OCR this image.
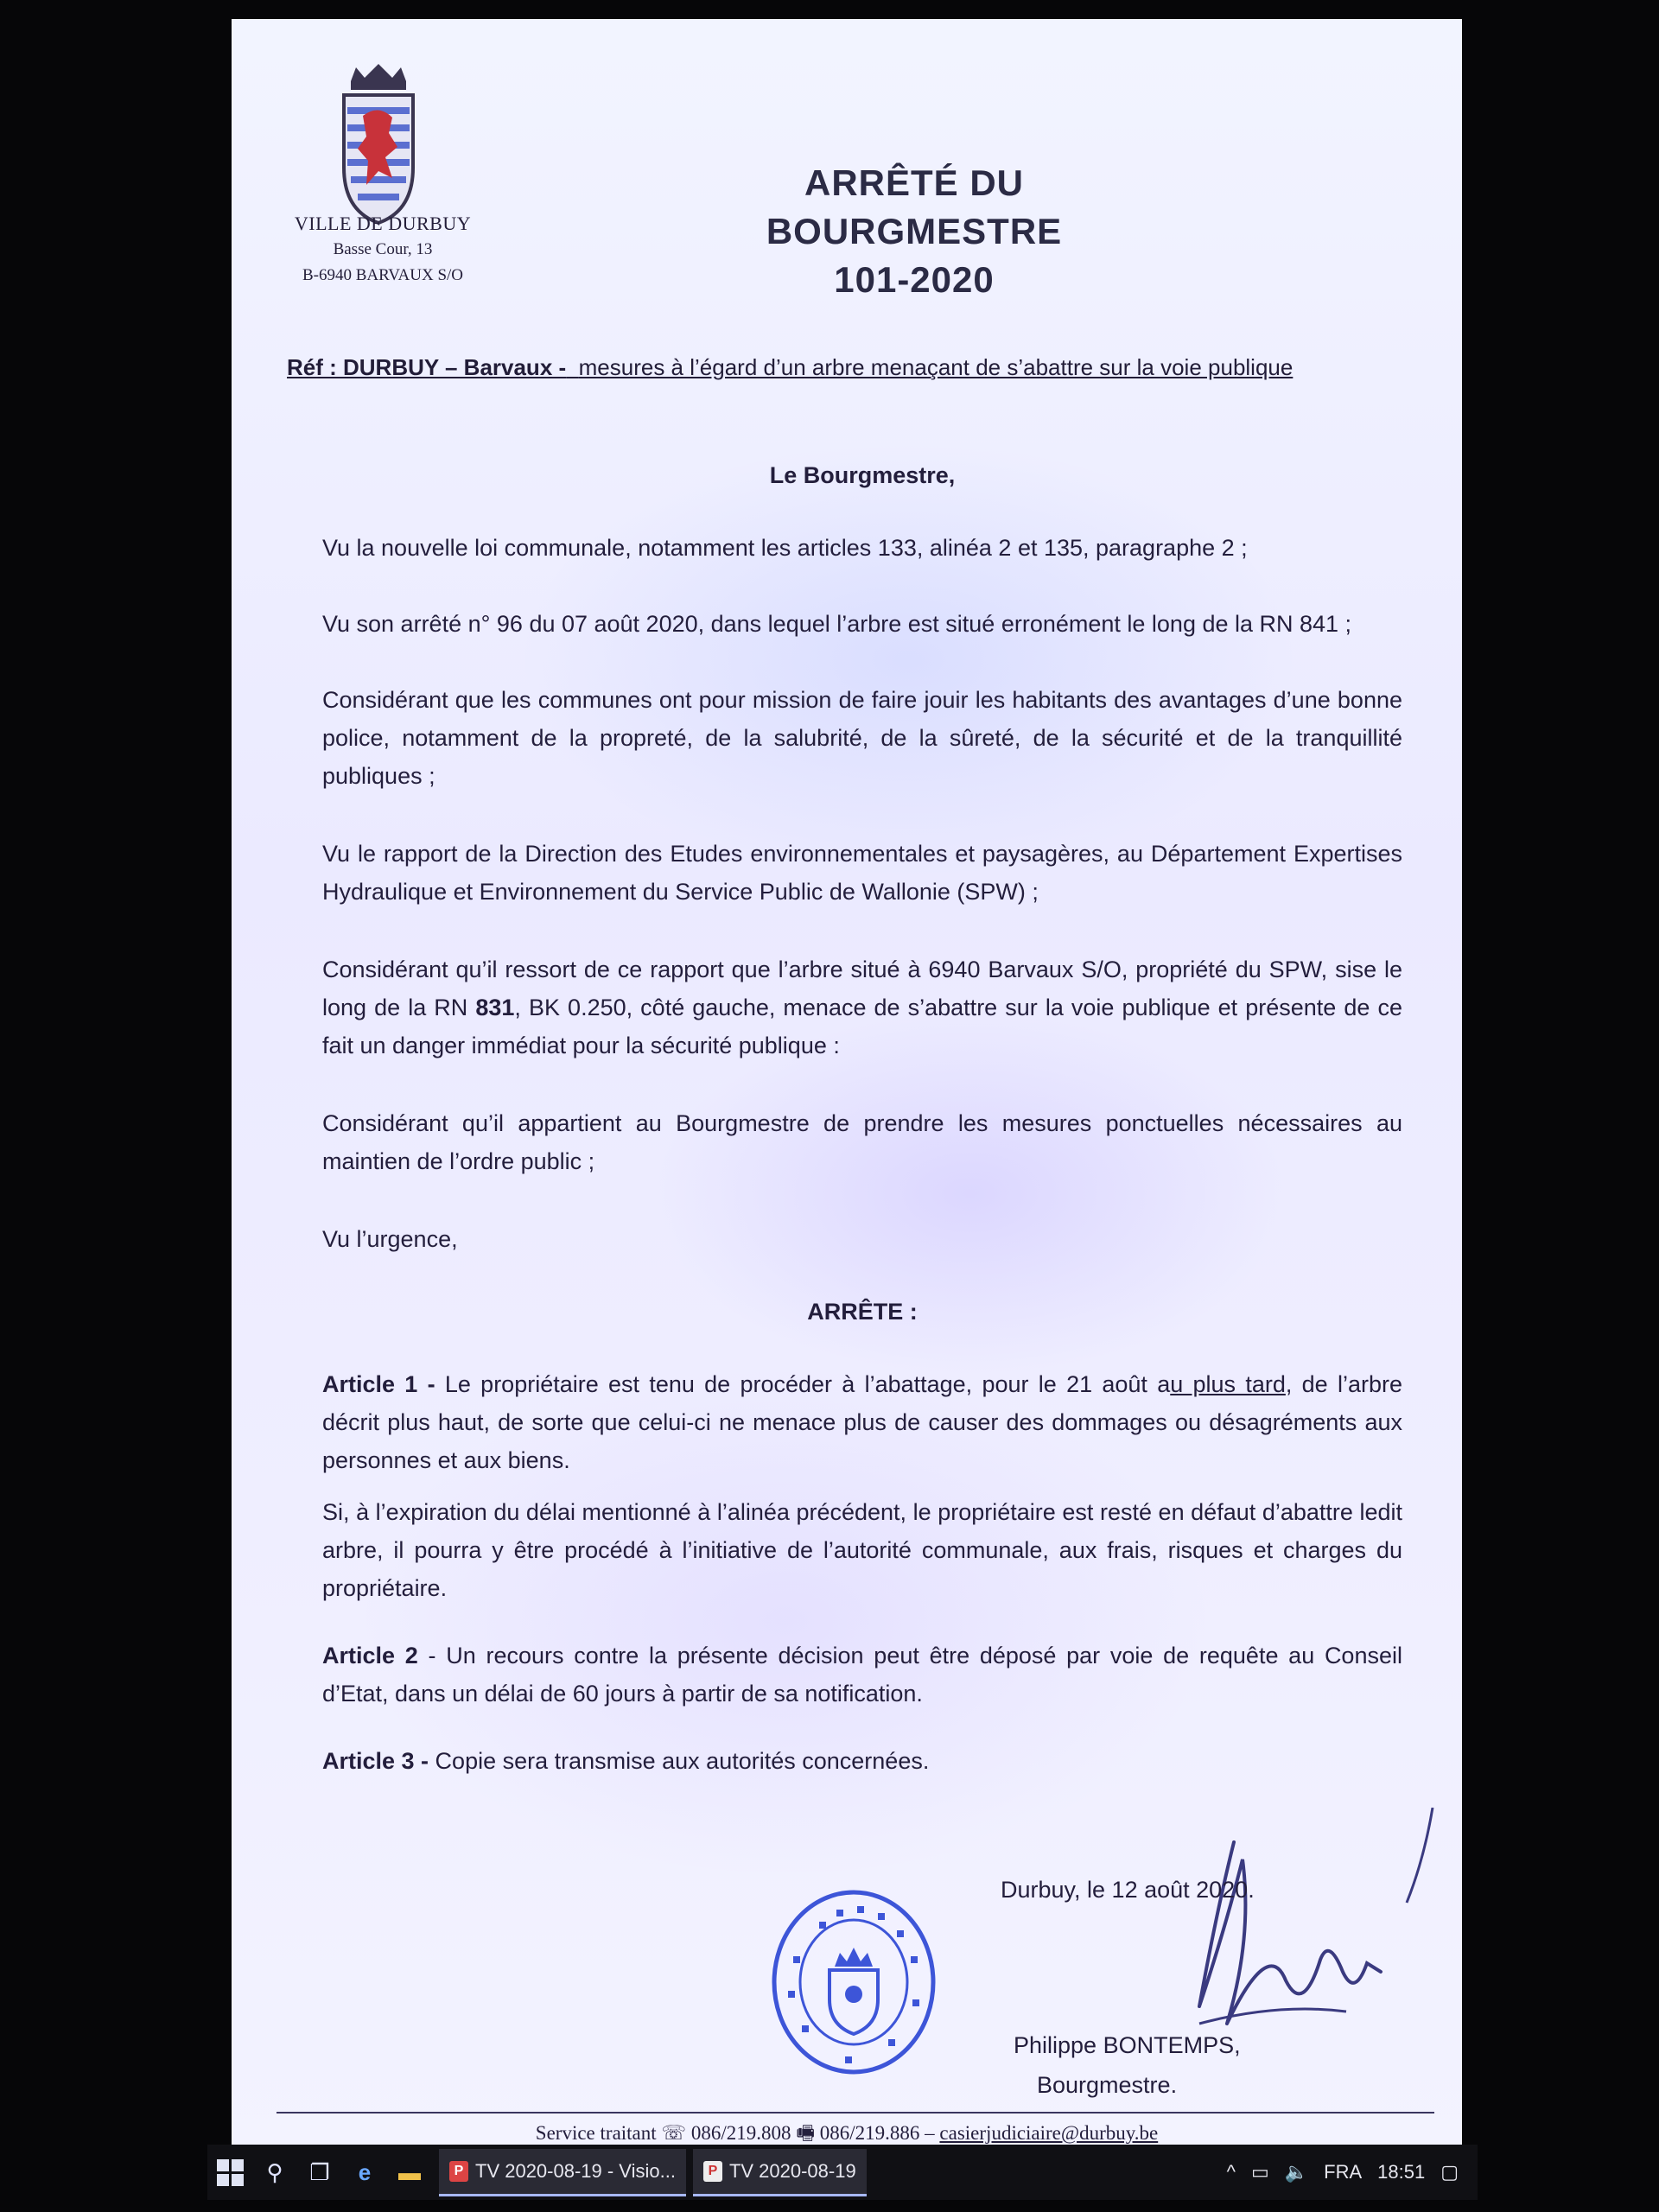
VILLE DE DURBUY
Basse Cour, 13
B-6940 BARVAUX S/O
ARRÊTÉ DU BOURGMESTRE
101-2020
Réf : DURBUY – Barvaux - mesures à l’égard d’un arbre menaçant de s’abattre sur la voie publique

Le Bourgmestre,

Vu la nouvelle loi communale, notamment les articles 133, alinéa 2 et 135, paragraphe 2 ;

Vu son arrêté n° 96 du 07 août 2020, dans lequel l’arbre est situé erronément le long de la RN 841 ;

Considérant que les communes ont pour mission de faire jouir les habitants des avantages d’une bonne police, notamment de la propreté, de la salubrité, de la sûreté, de la sécurité et de la tranquillité publiques ;

Vu le rapport de la Direction des Etudes environnementales et paysagères, au Département Expertises Hydraulique et Environnement du Service Public de Wallonie (SPW) ;

Considérant qu’il ressort de ce rapport que l’arbre situé à 6940 Barvaux S/O, propriété du SPW, sise le long de la RN 831, BK 0.250, côté gauche, menace de s’abattre sur la voie publique et présente de ce fait un danger immédiat pour la sécurité publique :

Considérant qu’il appartient au Bourgmestre de prendre les mesures ponctuelles nécessaires au maintien de l’ordre public ;

Vu l’urgence,

ARRÊTE :

Article 1 - Le propriétaire est tenu de procéder à l’abattage, pour le 21 août au plus tard, de l’arbre décrit plus haut, de sorte que celui-ci ne menace plus de causer des dommages ou désagréments aux personnes et aux biens.

Si, à l’expiration du délai mentionné à l’alinéa précédent, le propriétaire est resté en défaut d’abattre ledit arbre, il pourra y être procédé à l’initiative de l’autorité communale, aux frais, risques et charges du propriétaire.

Article 2 - Un recours contre la présente décision peut être déposé par voie de requête au Conseil d’Etat, dans un délai de 60 jours à partir de sa notification.

Article 3 - Copie sera transmise aux autorités concernées.

Durbuy, le 12 août 2020.
Philippe BONTEMPS,
Bourgmestre.
Service traitant ☏ 086/219.808 🖷 086/219.886 – casierjudiciaire@durbuy.be
⚲	❐	e	▬	P TV 2020-08-19 - Visio...	P TV 2020-08-19	^ ▭ 🔈 FRA 18:51 ▢
